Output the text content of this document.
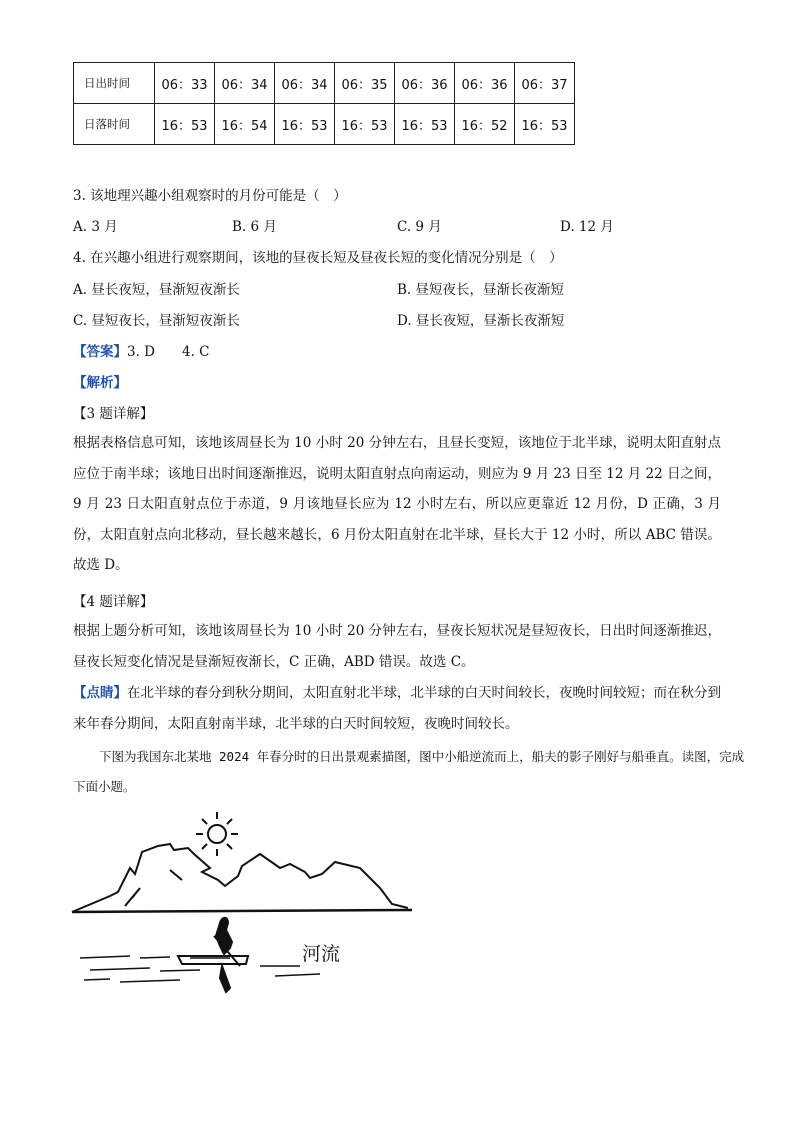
日出时间	06：33	06：34	06：34	06：35	06：36	06：36	06：37
日落时间	16：53	16：54	16：53	16：53	16：53	16：52	16：53
3. 该地理兴趣小组观察时的月份可能是（　）
A. 3 月	B. 6 月	C. 9 月	D. 12 月
4. 在兴趣小组进行观察期间，该地的昼夜长短及昼夜长短的变化情况分别是（　）
A. 昼长夜短，昼渐短夜渐长	B. 昼短夜长，昼渐长夜渐短
C. 昼短夜长，昼渐短夜渐长	D. 昼长夜短，昼渐长夜渐短
【答案】3. D　　4. C
【解析】
【3 题详解】
根据表格信息可知，该地该周昼长为 10 小时 20 分钟左右，且昼长变短，该地位于北半球，说明太阳直射点应位于南半球；该地日出时间逐渐推迟，说明太阳直射点向南运动，则应为 9 月 23 日至 12 月 22 日之间，9 月 23 日太阳直射点位于赤道，9 月该地昼长应为 12 小时左右，所以应更靠近 12 月份，D 正确，3 月份，太阳直射点向北移动，昼长越来越长，6 月份太阳直射在北半球，昼长大于 12 小时，所以 ABC 错误。故选 D。
【4 题详解】
根据上题分析可知，该地该周昼长为 10 小时 20 分钟左右，昼夜长短状况是昼短夜长，日出时间逐渐推迟，昼夜长短变化情况是昼渐短夜渐长，C 正确，ABD 错误。故选 C。
【点睛】在北半球的春分到秋分期间，太阳直射北半球，北半球的白天时间较长，夜晚时间较短；而在秋分到来年春分期间，太阳直射南半球，北半球的白天时间较短，夜晚时间较长。
下图为我国东北某地 2024 年春分时的日出景观素描图，图中小船逆流而上，船夫的影子刚好与船垂直。读图，完成下面小题。
河流
